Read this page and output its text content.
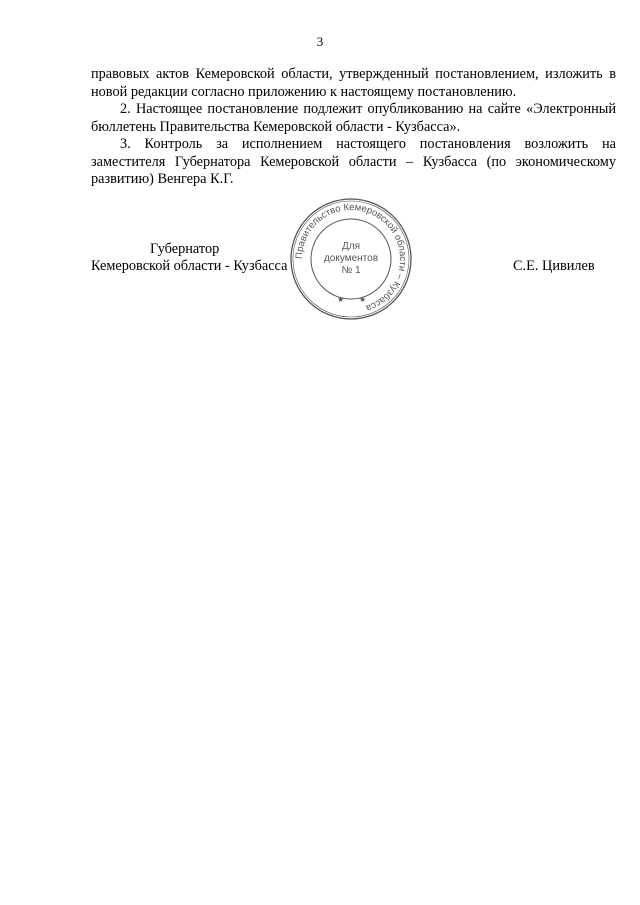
3

правовых актов Кемеровской области, утвержденный постановлением, изложить в новой редакции согласно приложению к настоящему постановлению.

2. Настоящее постановление подлежит опубликованию на сайте «Электронный бюллетень Правительства Кемеровской области - Кузбасса».

3. Контроль за исполнением настоящего постановления возложить на заместителя Губернатора Кемеровской области – Кузбасса (по экономическому развитию) Венгера К.Г.

Губернатор
Кемеровской области - Кузбасса	С.Е. Цивилев
Правительство Кемеровской области – Кузбасса
Для
документов
№ 1
★ ★
